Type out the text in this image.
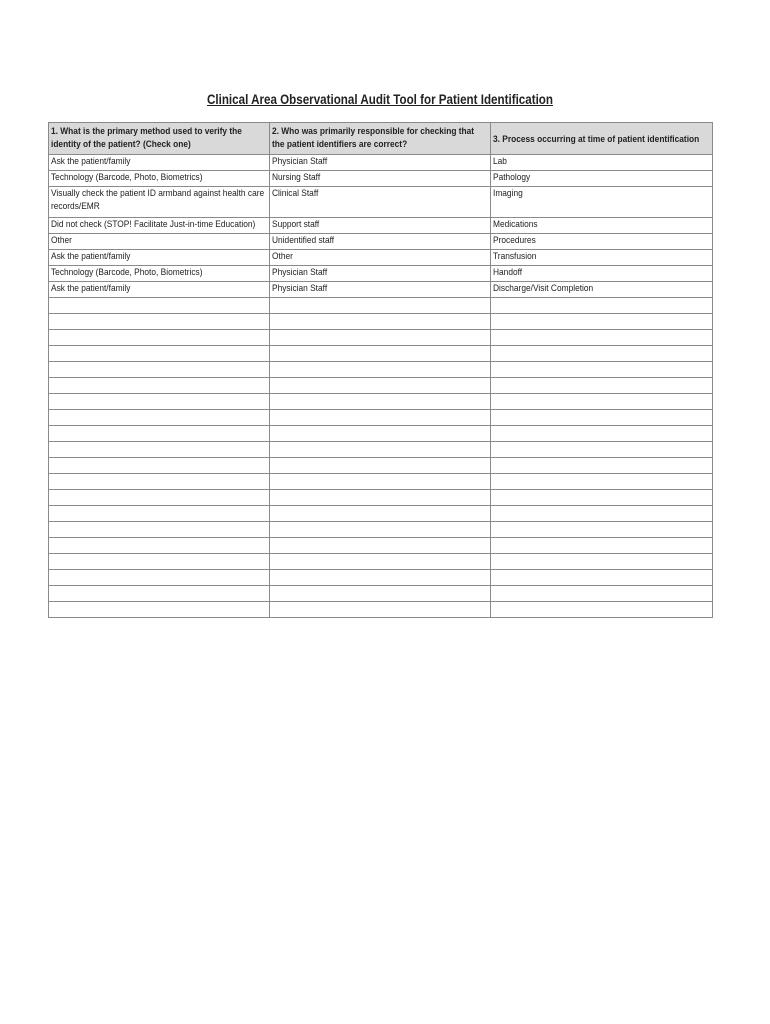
Clinical Area Observational Audit Tool for Patient Identification
1. What is the primary method used to verify the identity of the patient? (Check one)	2. Who was primarily responsible for checking that the patient identifiers are correct?	3. Process occurring at time of patient identification
Ask the patient/family	Physician Staff	Lab
Technology (Barcode, Photo, Biometrics)	Nursing Staff	Pathology
Visually check the patient ID armband against health care records/EMR	Clinical Staff	Imaging
Did not check (STOP! Facilitate Just-in-time Education)	Support staff	Medications
Other	Unidentified staff	Procedures
Ask the patient/family	Other	Transfusion
Technology (Barcode, Photo, Biometrics)	Physician Staff	Handoff
Ask the patient/family	Physician Staff	Discharge/Visit Completion
